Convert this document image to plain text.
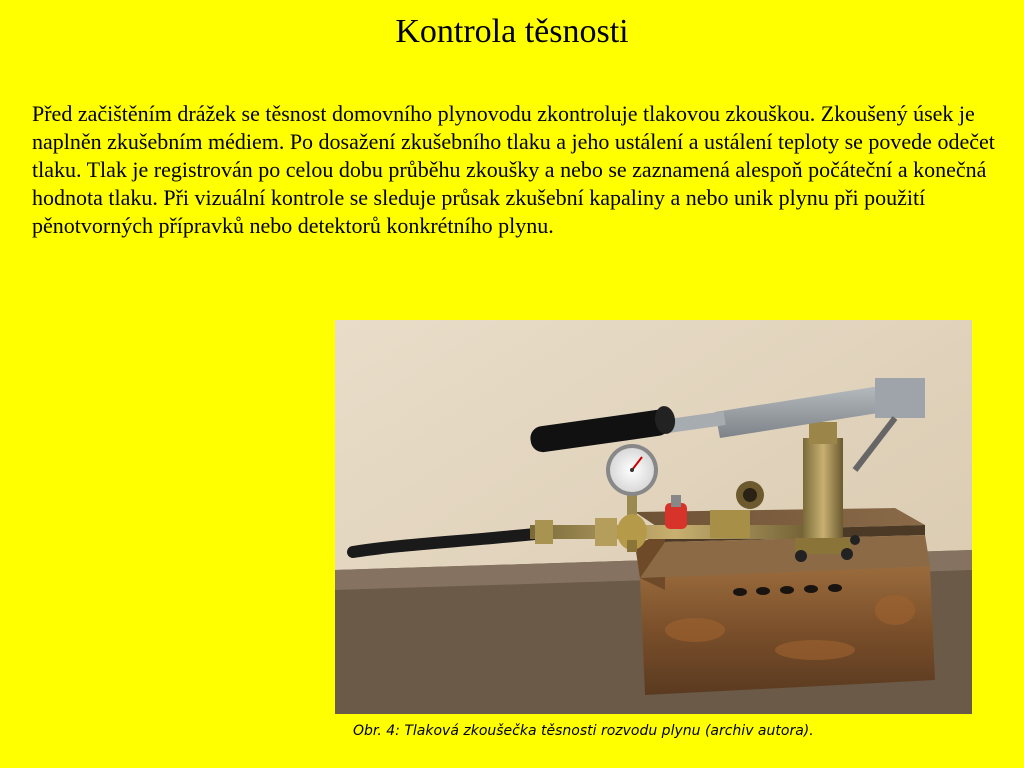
Kontrola těsnosti

Před začištěním drážek se těsnost domovního plynovodu zkontroluje tlakovou zkouškou. Zkoušený úsek je naplněn zkušebním médiem. Po dosažení zkušebního tlaku a jeho ustálení a ustálení teploty se povede odečet tlaku. Tlak je registrován po celou dobu průběhu zkoušky a nebo se zaznamená alespoň počáteční a konečná hodnota tlaku. Při vizuální kontrole se sleduje průsak zkušební kapaliny a nebo unik plynu při použití pěnotvorných přípravků nebo detektorů konkrétního plynu.

Obr. 4: Tlaková zkoušečka těsnosti rozvodu plynu (archiv autora).
